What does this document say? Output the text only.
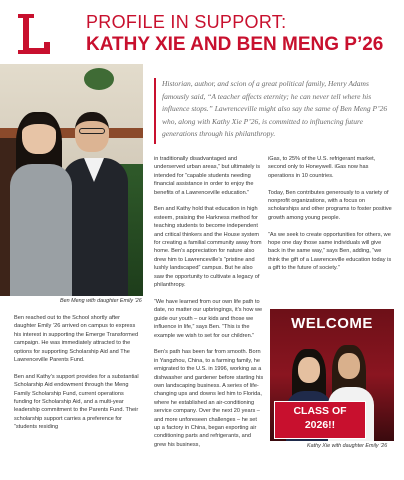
PROFILE IN SUPPORT:
KATHY XIE AND BEN MENG P’26
Ben Meng with daughter Emily ’26
Historian, author, and scion of a great political family, Henry Adams famously said, “A teacher affects eternity; he can never tell where his influence stops.” Lawrenceville might also say the same of Ben Meng P’26 who, along with Kathy Xie P’26, is committed to influencing future generations through his philanthropy.

Ben reached out to the School shortly after daughter Emily ’26 arrived on campus to express his interest in supporting the Emerge Transformed campaign. He was immediately attracted to the options for supporting Scholarship Aid and The Lawrenceville Parents Fund.

Ben and Kathy’s support provides for a substantial Scholarship Aid endowment through the Meng Family Scholarship Fund, current operations funding for Scholarship Aid, and a multi-year leadership commitment to the Parents Fund. Their scholarship support carries a preference for “students residing

in traditionally disadvantaged and underserved urban areas,” but ultimately is intended for “capable students needing financial assistance in order to enjoy the benefits of a Lawrenceville education.”

Ben and Kathy hold that education in high esteem, praising the Harkness method for teaching students to become independent and critical thinkers and the House system for creating a familial community away from home. Ben’s appreciation for nature also drew him to Lawrenceville’s “pristine and lushly landscaped” campus. But he also saw the opportunity to cultivate a legacy of philanthropy.

“We have learned from our own life path to date, no matter our upbringings, it’s how we guide our youth – our kids and those we influence in life,” says Ben. “This is the example we wish to set for our children.”

Ben’s path has been far from smooth. Born in Yangzhou, China, to a farming family, he emigrated to the U.S. in 1996, working as a dishwasher and gardener before starting his own landscaping business. A series of life-changing ups and downs led him to Florida, where he established an air-conditioning service company. Over the next 20 years – and more unforeseen challenges – he set up a factory in China, began exporting air conditioning parts and refrigerants, and grew his business,

iGas, to 25% of the U.S. refrigerant market, second only to Honeywell. iGas now has operations in 10 countries.

Today, Ben contributes generously to a variety of nonprofit organizations, with a focus on scholarships and other programs to foster positive growth among young people.

“As we seek to create opportunities for others, we hope one day those same individuals will give back in the same way,” says Ben, adding, “we think the gift of a Lawrenceville education today is a gift to the future of society.”

WELCOME
CLASS OF
2026!!
Kathy Xie with daughter Emily ’26
